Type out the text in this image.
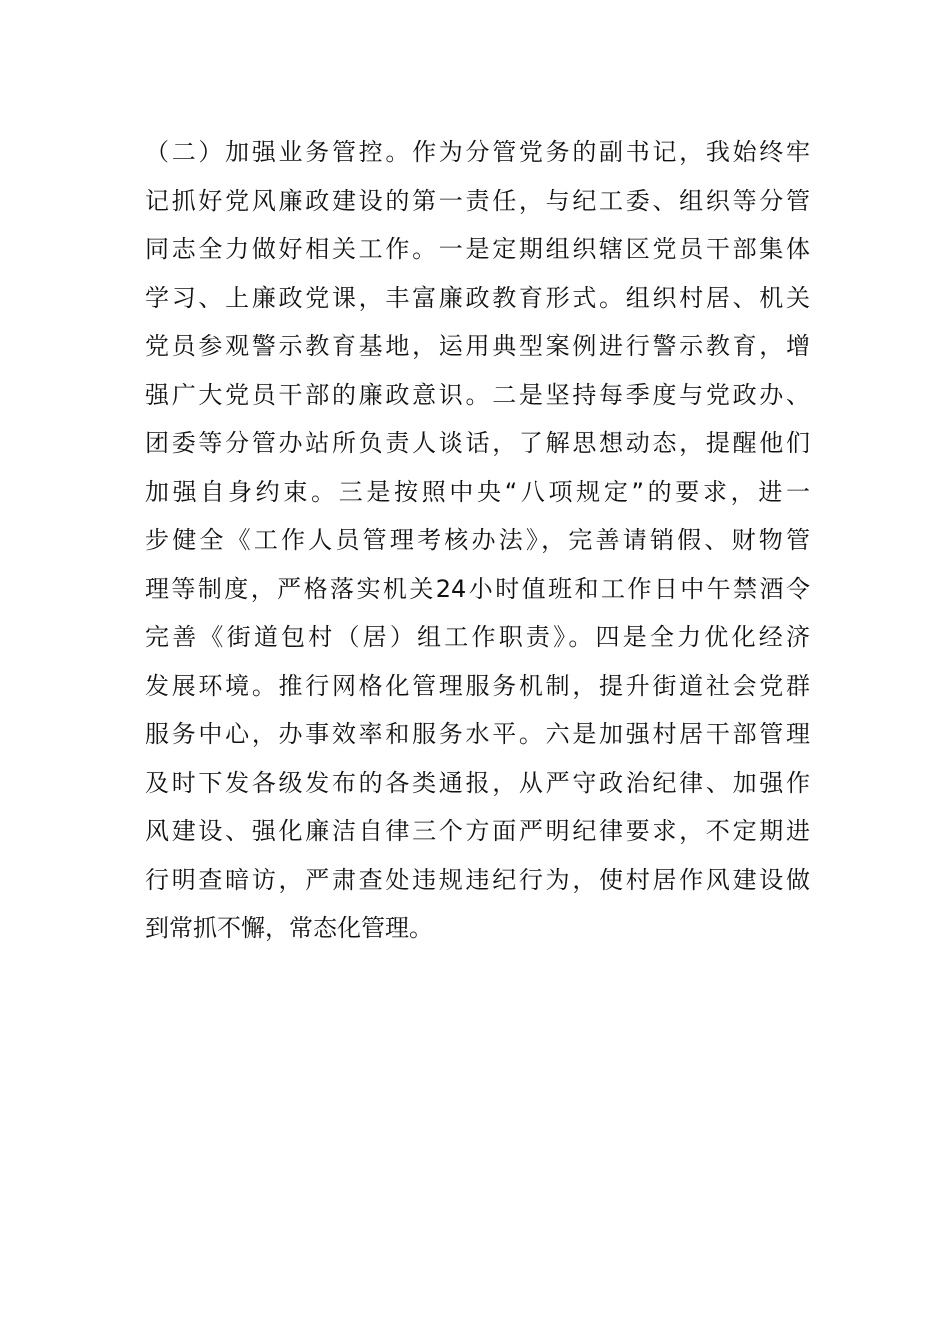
（二）加强业务管控。作为分管党务的副书记，我始终牢
记抓好党风廉政建设的第一责任，与纪工委、组织等分管
同志全力做好相关工作。一是定期组织辖区党员干部集体
学习、上廉政党课，丰富廉政教育形式。组织村居、机关
党员参观警示教育基地，运用典型案例进行警示教育，增
强广大党员干部的廉政意识。二是坚持每季度与党政办、
团委等分管办站所负责人谈话，了解思想动态，提醒他们
加强自身约束。三是按照中央“八项规定”的要求，进一
步健全《工作人员管理考核办法》，完善请销假、财物管
理等制度，严格落实机关24小时值班和工作日中午禁酒令
完善《街道包村（居）组工作职责》。四是全力优化经济
发展环境。推行网格化管理服务机制，提升街道社会党群
服务中心，办事效率和服务水平。六是加强村居干部管理
及时下发各级发布的各类通报，从严守政治纪律、加强作
风建设、强化廉洁自律三个方面严明纪律要求，不定期进
行明查暗访，严肃查处违规违纪行为，使村居作风建设做
到常抓不懈，常态化管理。
